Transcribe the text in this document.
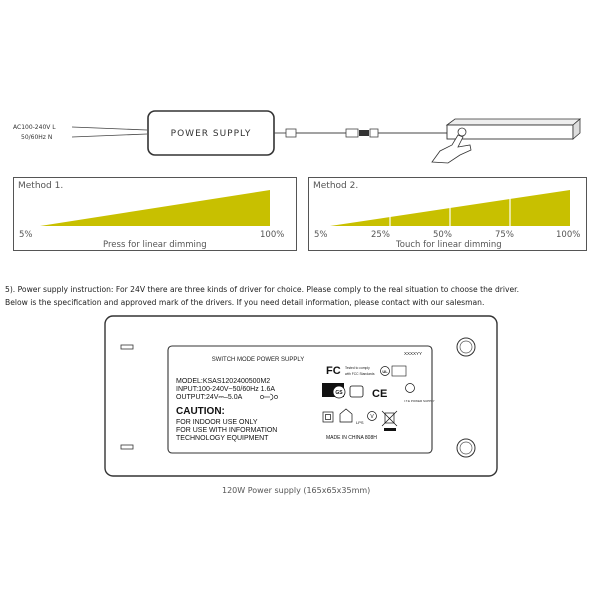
AC100-240V L
50/60Hz N	POWER SUPPLY
Method 1.
5%	100%
Press for linear dimming
Method 2.
5%	25%	50%	75%	100%
Touch for linear dimming
5). Power supply instruction: For 24V there are three kinds of driver for choice. Please comply to the real situation to choose the driver.
Below is the specification and approved mark of the drivers. If you need detail information, please contact with our salesman.
SWITCH MODE POWER SUPPLY
XXXXYY
MODEL:KSAS1202400500M2
INPUT:100-240V~50/60Hz 1.6A
OUTPUT:24V⎓–5.0A
CAUTION:
FOR INDOOR USE ONLY
FOR USE WITH INFORMATION
TECHNOLOGY EQUIPMENT
FC Tested to comply
with FCC Standards UL
I.T.E POWER SUPPLY
GS	CE
LPS
V
MADE IN CHINA 808H
120W Power supply (165x65x35mm)
